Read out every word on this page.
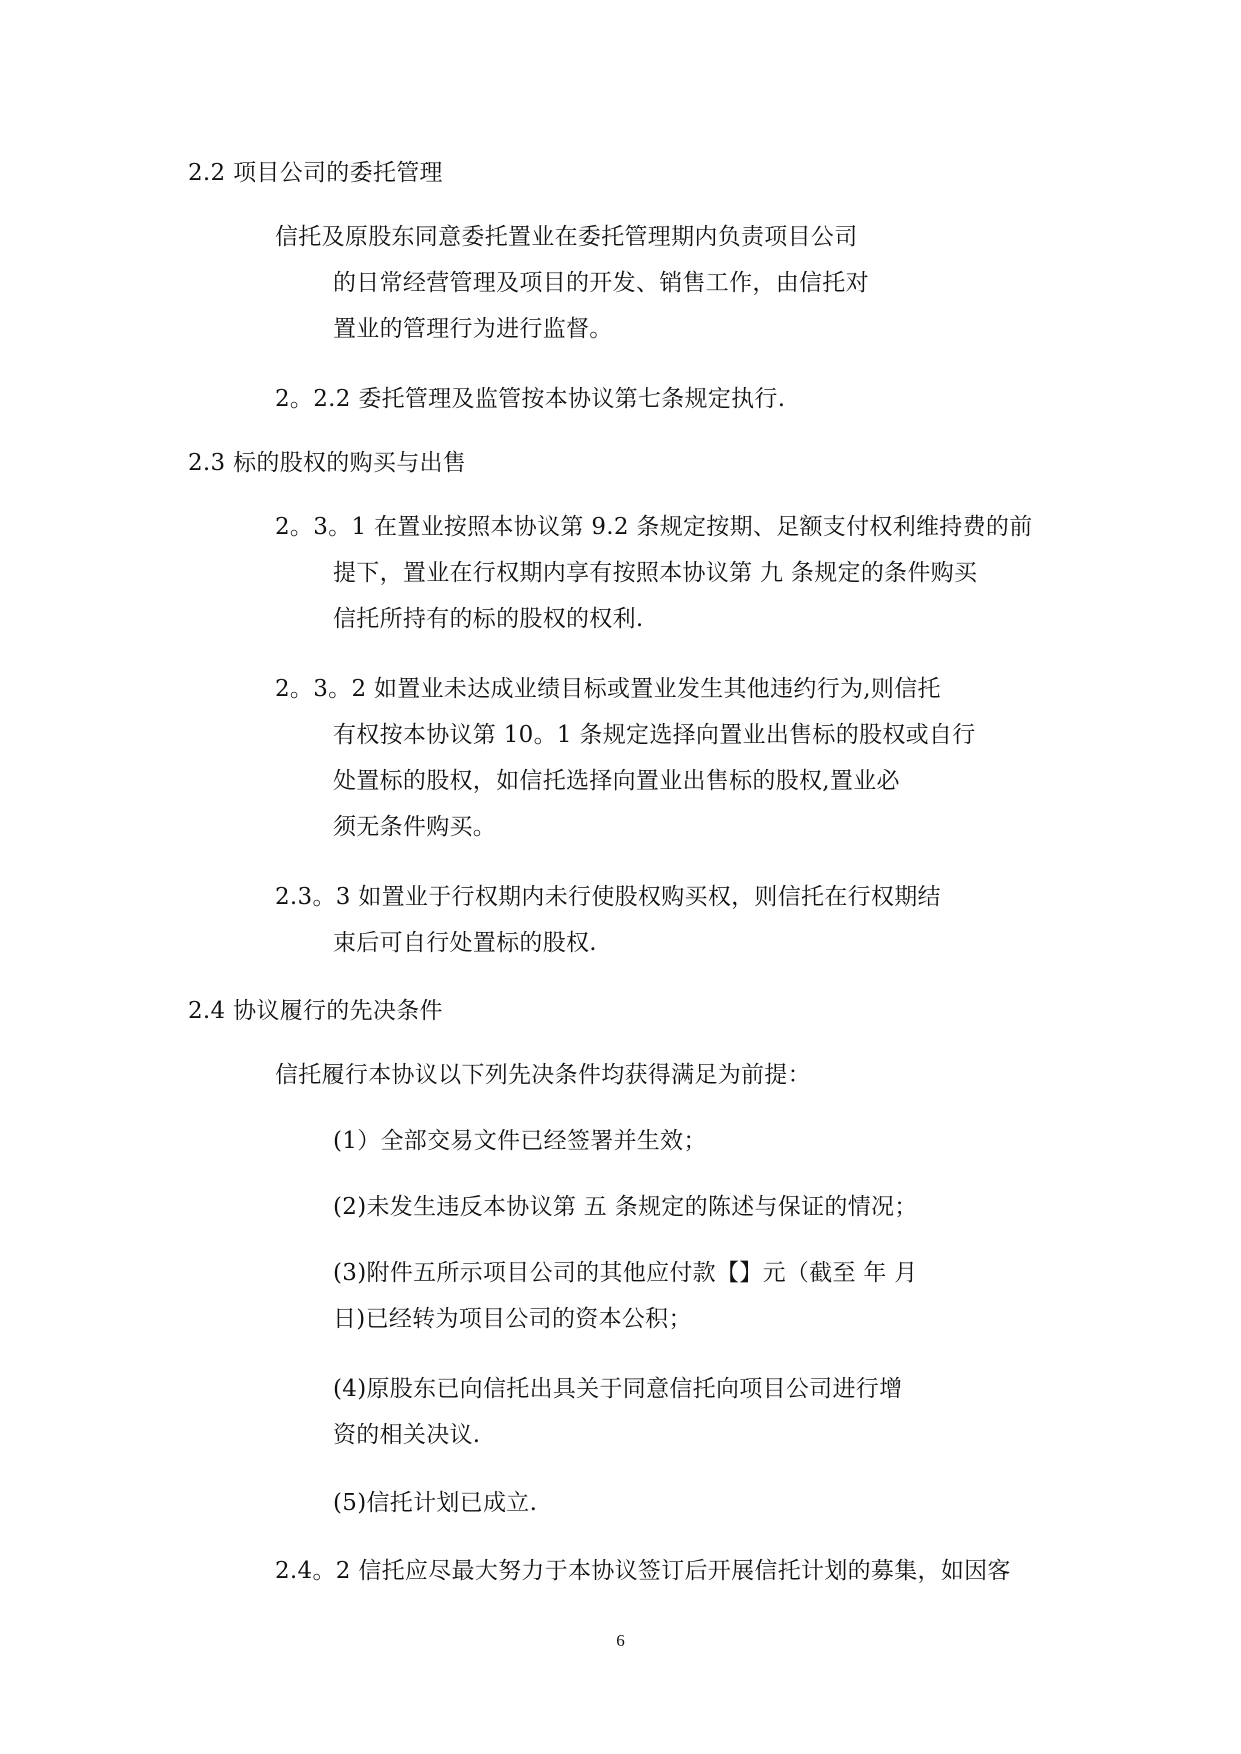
2.2 项目公司的委托管理
信托及原股东同意委托置业在委托管理期内负责项目公司
的日常经营管理及项目的开发、销售工作，由信托对
置业的管理行为进行监督。
2。2.2 委托管理及监管按本协议第七条规定执行.
2.3 标的股权的购买与出售
2。3。1 在置业按照本协议第 9.2 条规定按期、足额支付权利维持费的前
提下，置业在行权期内享有按照本协议第 九 条规定的条件购买
信托所持有的标的股权的权利.
2。3。2 如置业未达成业绩目标或置业发生其他违约行为,则信托
有权按本协议第 10。1 条规定选择向置业出售标的股权或自行
处置标的股权，如信托选择向置业出售标的股权,置业必
须无条件购买。
2.3。3 如置业于行权期内未行使股权购买权，则信托在行权期结
束后可自行处置标的股权.
2.4 协议履行的先决条件
信托履行本协议以下列先决条件均获得满足为前提：
(1）全部交易文件已经签署并生效；
(2)未发生违反本协议第 五 条规定的陈述与保证的情况；
(3)附件五所示项目公司的其他应付款【】元（截至 年 月
日)已经转为项目公司的资本公积；
(4)原股东已向信托出具关于同意信托向项目公司进行增
资的相关决议.
(5)信托计划已成立.
2.4。2 信托应尽最大努力于本协议签订后开展信托计划的募集，如因客
6
